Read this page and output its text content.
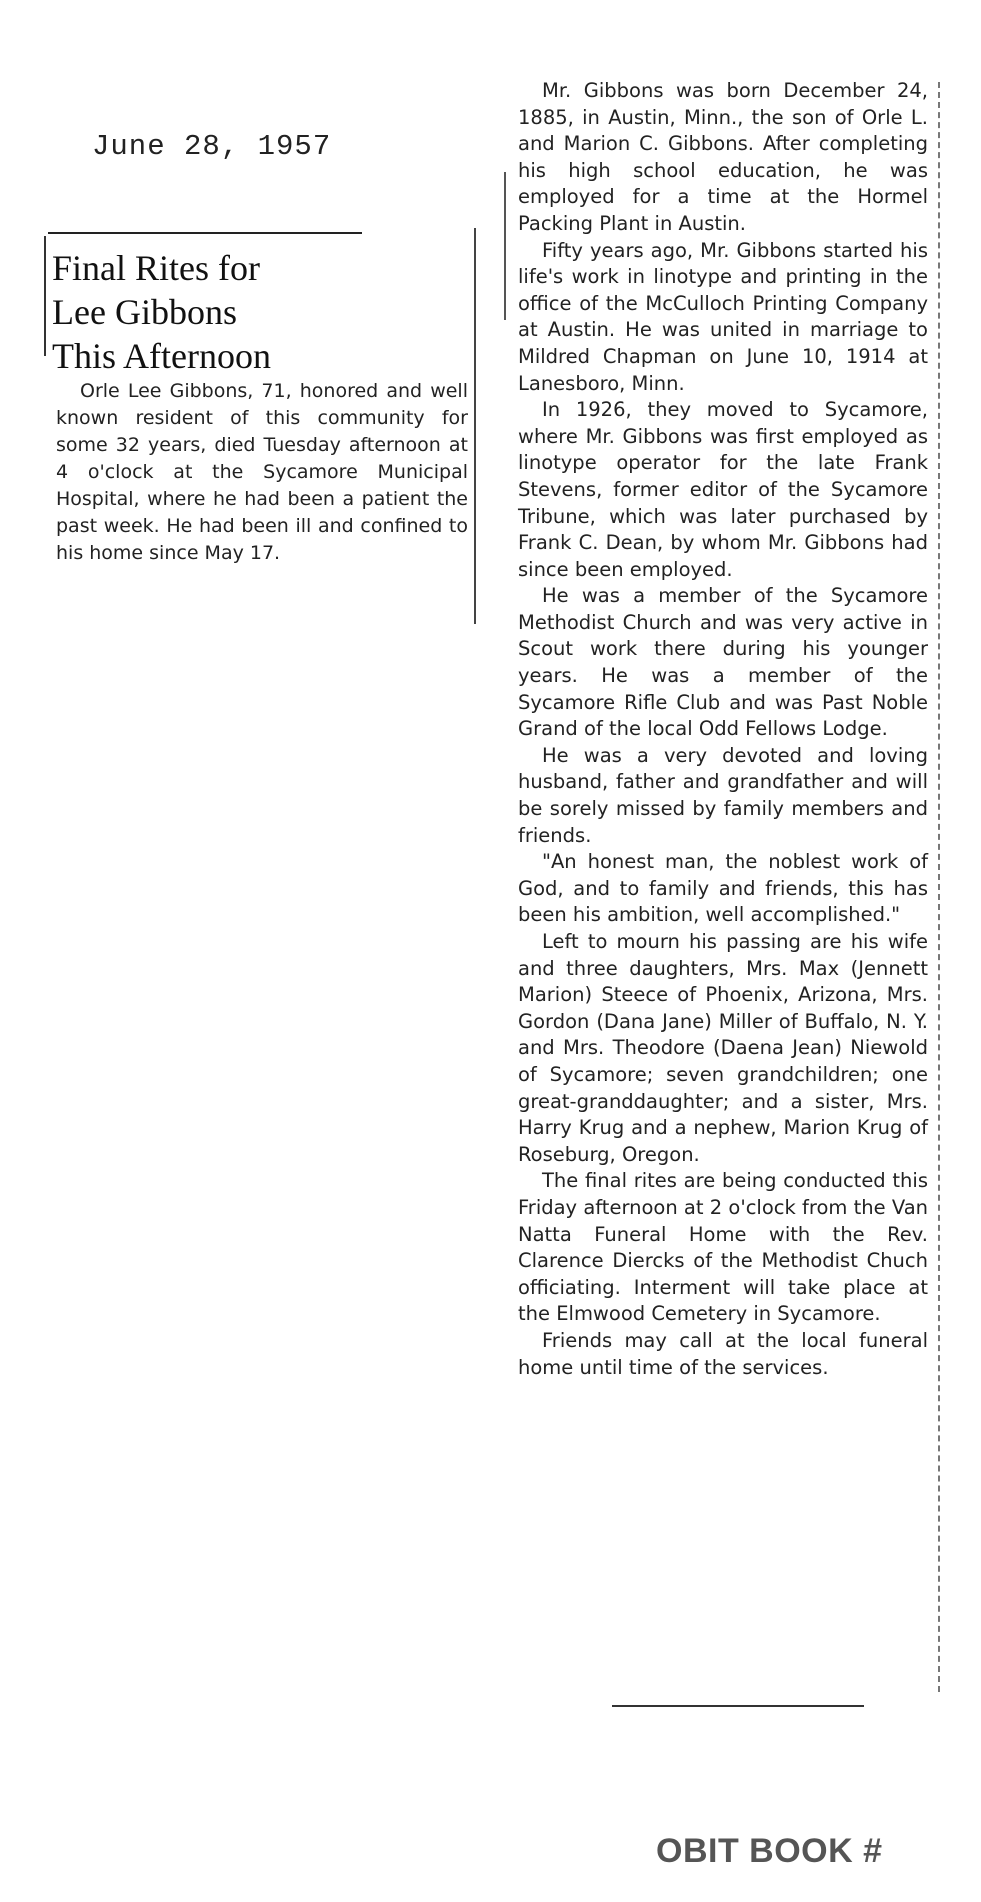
June 28, 1957
Final Rites for
Lee Gibbons
This Afternoon
Orle Lee Gibbons, 71, honored and well known resident of this community for some 32 years, died Tuesday afternoon at 4 o'clock at the Sycamore Municipal Hospital, where he had been a patient the past week. He had been ill and confined to his home since May 17.

Mr. Gibbons was born December 24, 1885, in Austin, Minn., the son of Orle L. and Marion C. Gibbons. After completing his high school education, he was employed for a time at the Hormel Packing Plant in Austin.

Fifty years ago, Mr. Gibbons started his life's work in linotype and printing in the office of the McCulloch Printing Company at Austin. He was united in marriage to Mildred Chapman on June 10, 1914 at Lanesboro, Minn.

In 1926, they moved to Sycamore, where Mr. Gibbons was first employed as linotype operator for the late Frank Stevens, former editor of the Sycamore Tribune, which was later purchased by Frank C. Dean, by whom Mr. Gibbons had since been employed.

He was a member of the Sycamore Methodist Church and was very active in Scout work there during his younger years. He was a member of the Sycamore Rifle Club and was Past Noble Grand of the local Odd Fellows Lodge.

He was a very devoted and loving husband, father and grandfather and will be sorely missed by family members and friends.

"An honest man, the noblest work of God, and to family and friends, this has been his ambition, well accomplished."

Left to mourn his passing are his wife and three daughters, Mrs. Max (Jennett Marion) Steece of Phoenix, Arizona, Mrs. Gordon (Dana Jane) Miller of Buffalo, N. Y. and Mrs. Theodore (Daena Jean) Niewold of Sycamore; seven grandchildren; one great-granddaughter; and a sister, Mrs. Harry Krug and a nephew, Marion Krug of Roseburg, Oregon.

The final rites are being conducted this Friday afternoon at 2 o'clock from the Van Natta Funeral Home with the Rev. Clarence Diercks of the Methodist Chuch officiating. Interment will take place at the Elmwood Cemetery in Sycamore.

Friends may call at the local funeral home until time of the services.

OBIT BOOK #
